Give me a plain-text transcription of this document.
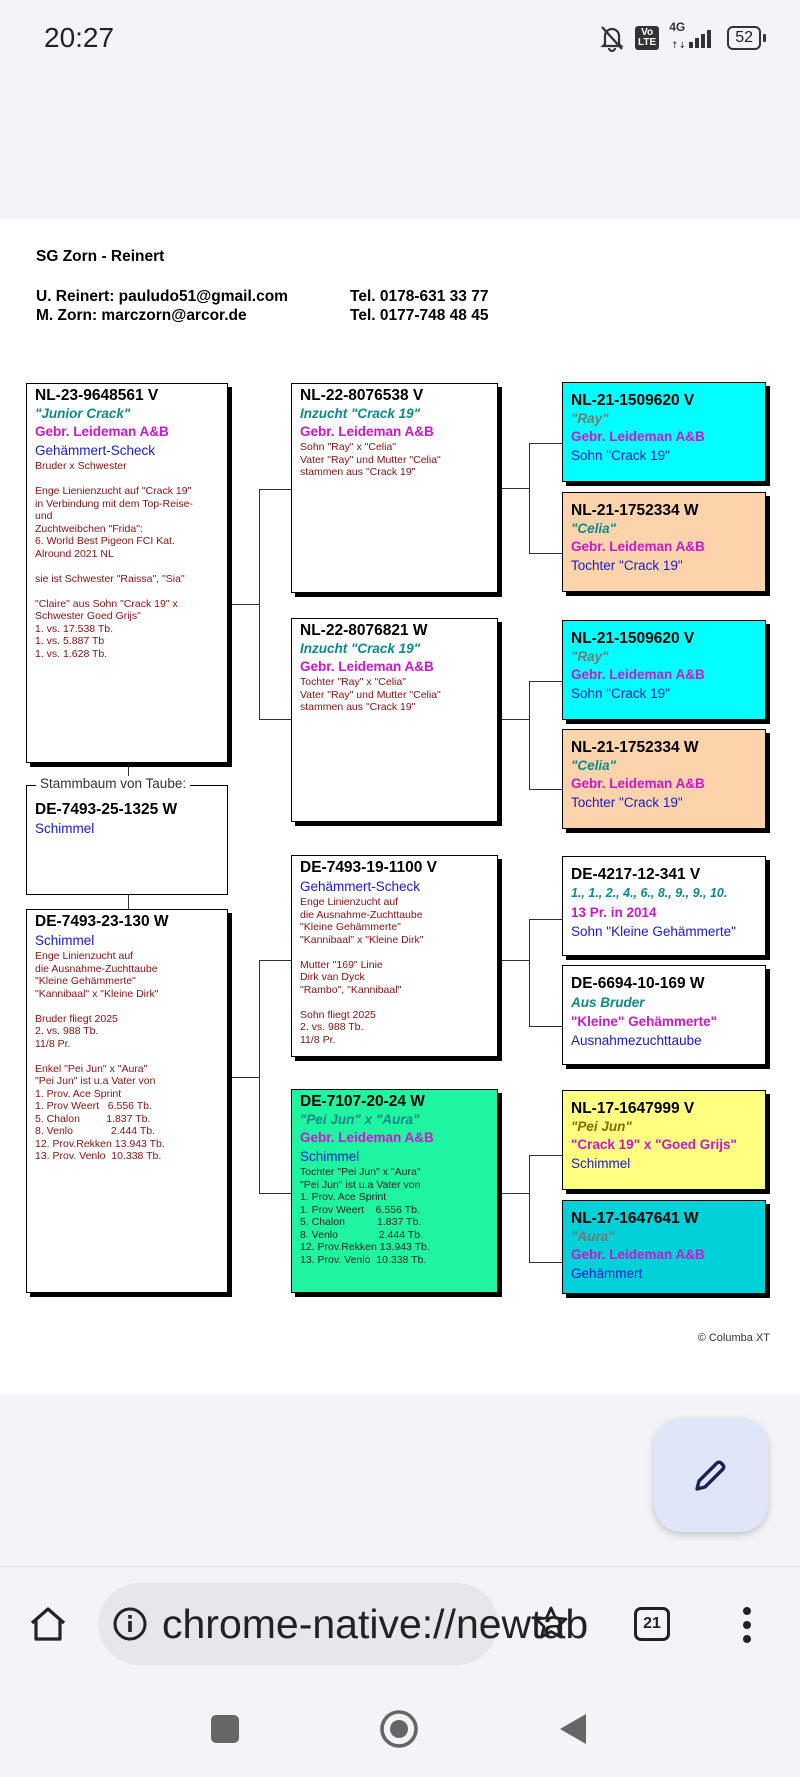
20:27	Vo
LTE
4G
↑↓	52
SG Zorn - Reinert
U. Reinert: pauludo51@gmail.com	Tel. 0178-631 33 77
M. Zorn: marczorn@arcor.de	Tel. 0177-748 48 45
NL-23-9648561 V
"Junior Crack"
Gebr. Leideman A&B
Gehämmert-Scheck
Bruder x Schwester

Enge Lienienzucht auf "Crack 19"
in Verbindung mit dem Top-Reise-
und
Zuchtweibchen "Frida":
6. World Best Pigeon FCI Kat.
Alround 2021 NL

sie ist Schwester "Raissa", "Sia"

"Claire" aus Sohn "Crack 19" x
Schwester Goed Grijs"
1. vs. 17.538 Tb.
1. vs. 5.887 Tb
1. vs. 1.628 Tb.
DE-7493-25-1325 W
Schimmel
Stammbaum von Taube:
DE-7493-23-130 W
Schimmel
Enge Linienzucht auf
die Ausnahme-Zuchttaube
"Kleine Gehämmerte"
"Kannibaal" x "Kleine Dirk"

Bruder fliegt 2025
2. vs. 988 Tb.
11/8 Pr.

Enkel "Pei Jun" x "Aura"
"Pei Jun" ist u.a Vater von
1. Prov. Ace Sprint
1. Prov Weert   6.556 Tb.
5. Chalon         1.837 Tb.
8. Venlo             2.444 Tb.
12. Prov.Rekken 13.943 Tb.
13. Prov. Venlo  10.338 Tb.
NL-22-8076538 V
Inzucht "Crack 19"
Gebr. Leideman A&B
Sohn "Ray" x "Celia"
Vater "Ray" und Mutter "Celia"
stammen aus "Crack 19"
NL-22-8076821 W
Inzucht "Crack 19"
Gebr. Leideman A&B
Tochter "Ray" x "Celia"
Vater "Ray" und Mutter "Celia"
stammen aus "Crack 19"
DE-7493-19-1100 V
Gehämmert-Scheck
Enge Linienzucht auf
die Ausnahme-Zuchttaube
"Kleine Gehämmerte"
"Kannibaal" x "Kleine Dirk"

Mutter "169" Linie
Dirk van Dyck
"Rambo", "Kannibaal"

Sohn fliegt 2025
2. vs. 988 Tb.
11/8 Pr.
DE-7107-20-24 W
"Pei Jun" x "Aura"
Gebr. Leideman A&B
Schimmel
Tochter "Pei Jun" x "Aura"
"Pei Jun" ist u.a Vater von
1. Prov. Ace Sprint
1. Prov Weert    6.556 Tb.
5. Chalon           1.837 Tb.
8. Venlo              2.444 Tb.
12. Prov.Rekken 13.943 Tb.
13. Prov. Venlo  10.338 Tb.
NL-21-1509620 V
"Ray"
Gebr. Leideman A&B
Sohn "Crack 19"
NL-21-1752334 W
"Celia"
Gebr. Leideman A&B
Tochter "Crack 19"
NL-21-1509620 V
"Ray"
Gebr. Leideman A&B
Sohn "Crack 19"
NL-21-1752334 W
"Celia"
Gebr. Leideman A&B
Tochter "Crack 19"
DE-4217-12-341 V
1., 1., 2., 4., 6., 8., 9., 9., 10.
13 Pr. in 2014
Sohn "Kleine Gehämmerte"
DE-6694-10-169 W
Aus Bruder
"Kleine" Gehämmerte"
Ausnahmezuchttaube
NL-17-1647999 V
"Pei Jun"
"Crack 19" x "Goed Grijs"
Schimmel
NL-17-1647641 W
"Aura"
Gebr. Leideman A&B
Gehämmert
© Columba XT
chrome-native://newtab	21
